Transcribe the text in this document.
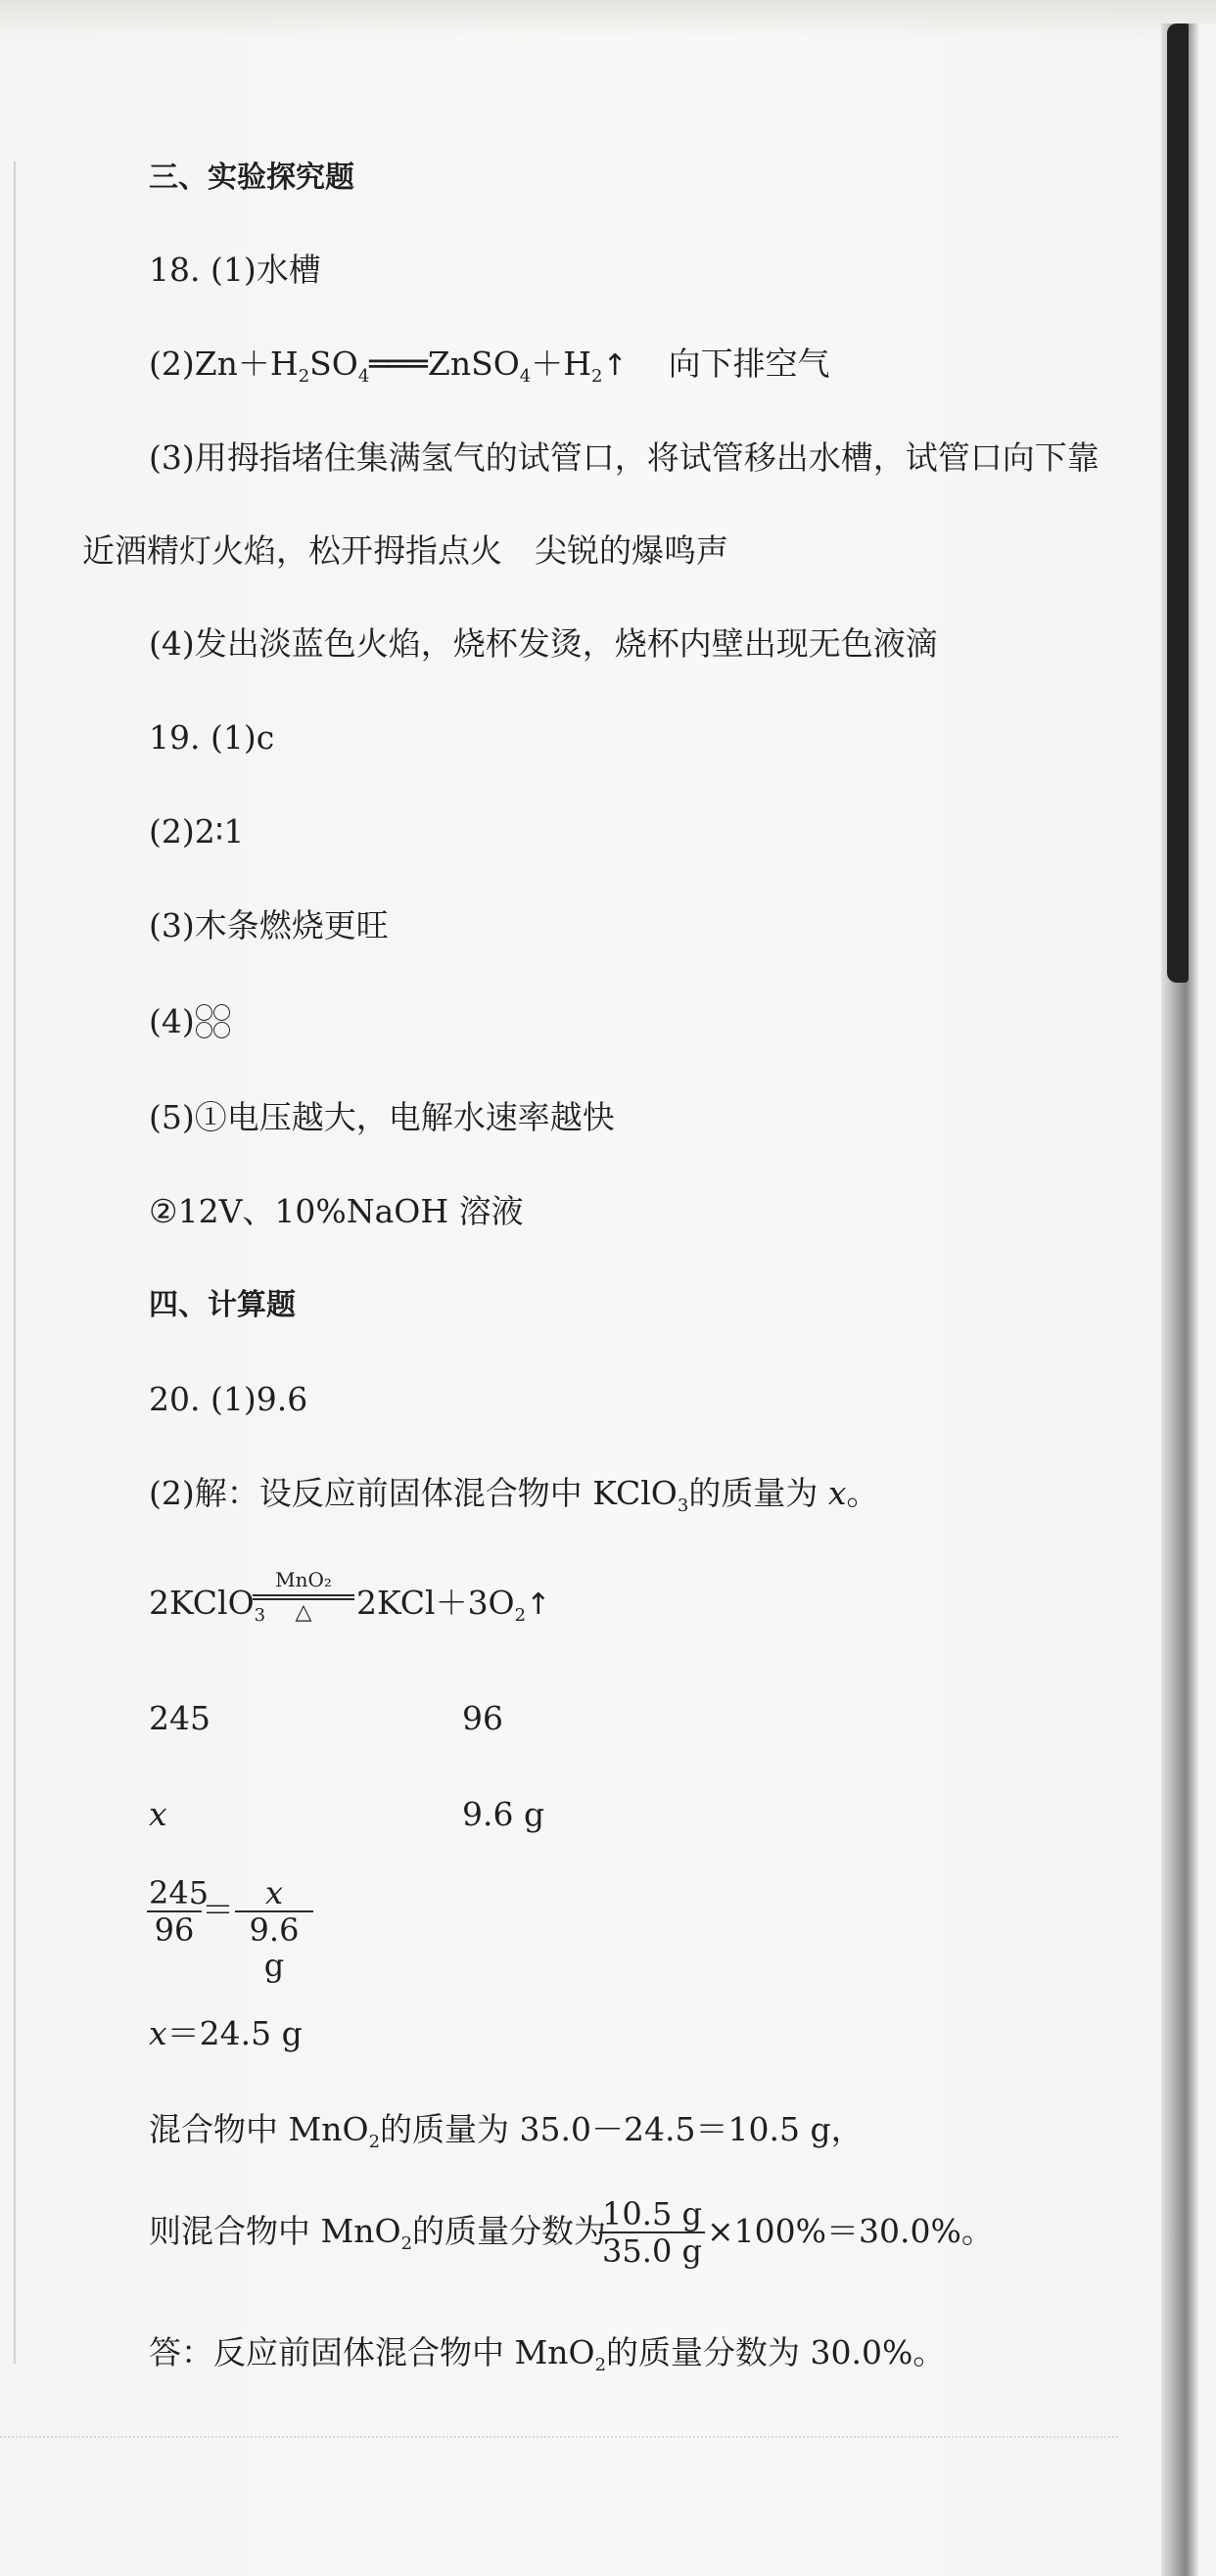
三、实验探究题
18. (1)水槽
$(2)Zn+H_2SO_4═══ZnSO_4+H_2↑$ 向下排空气
(3)用拇指堵住集满氢气的试管口，将试管移出水槽，试管口向下靠
近酒精灯火焰，松开拇指点火　尖锐的爆鸣声
(4)发出淡蓝色火焰，烧杯发烫，烧杯内壁出现无色液滴
19. (1)c
(2)2∶1
(3)木条燃烧更旺
(4)
(5)①电压越大，电解水速率越快
②12V、10%NaOH 溶液
四、计算题
20. (1)9.6
(2)解：设反应前固体混合物中 KClO$_3$的质量为 x。
2KClO$_3$
MnO₂
△	$2KCl+3O_2↑$
245	96
x	9.6 g
$\frac{245}{96} = \frac{x}{9.6 g}$
x＝24.5 g
混合物中 MnO$_2$的质量为 35.0－24.5＝10.5 g，
则混合物中 MnO$_2$的质量分数为
$\frac{10.5 g}{35.0 g} \times 100\%=30.0\%$。
答：反应前固体混合物中 MnO$_2$的质量分数为 30.0%。
